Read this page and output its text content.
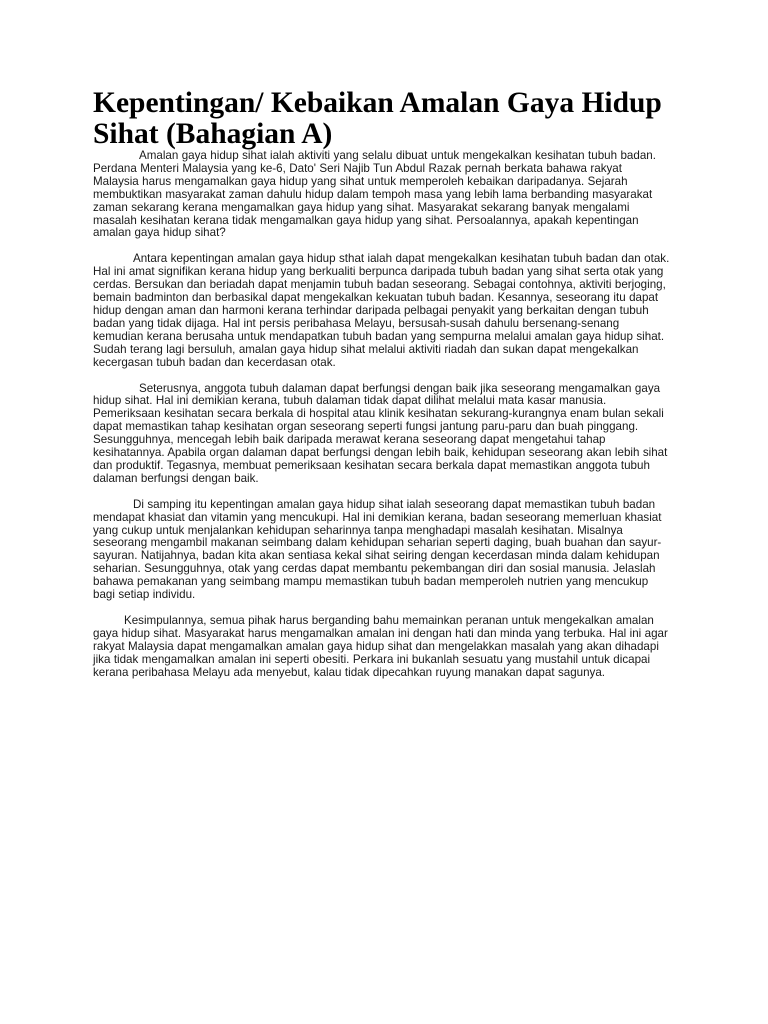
Kepentingan/ Kebaikan Amalan Gaya Hidup Sihat (Bahagian A)

Amalan gaya hidup sihat ialah aktiviti yang selalu dibuat untuk mengekalkan kesihatan tubuh badan. Perdana Menteri Malaysia yang ke-6, Dato' Seri Najib Tun Abdul Razak pernah berkata bahawa rakyat Malaysia harus mengamalkan gaya hidup yang sihat untuk memperoleh kebaikan daripadanya. Sejarah membuktikan masyarakat zaman dahulu hidup dalam tempoh masa yang lebih lama berbanding masyarakat zaman sekarang kerana mengamalkan gaya hidup yang sihat. Masyarakat sekarang banyak mengalami masalah kesihatan kerana tidak mengamalkan gaya hidup yang sihat. Persoalannya, apakah kepentingan amalan gaya hidup sihat?

Antara kepentingan amalan gaya hidup sthat ialah dapat mengekalkan kesihatan tubuh badan dan otak. Hal ini amat signifikan kerana hidup yang berkualiti berpunca daripada tubuh badan yang sihat serta otak yang cerdas. Bersukan dan beriadah dapat menjamin tubuh badan seseorang. Sebagai contohnya, aktiviti berjoging, bemain badminton dan berbasikal dapat mengekalkan kekuatan tubuh badan. Kesannya, seseorang itu dapat hidup dengan aman dan harmoni kerana terhindar daripada pelbagai penyakit yang berkaitan dengan tubuh badan yang tidak dijaga. Hal int persis peribahasa Melayu, bersusah-susah dahulu bersenang-senang kemudian kerana berusaha untuk mendapatkan tubuh badan yang sempurna melalui amalan gaya hidup sihat. Sudah terang lagi bersuluh, amalan gaya hidup sihat melalui aktiviti riadah dan sukan dapat mengekalkan kecergasan tubuh badan dan kecerdasan otak.

Seterusnya, anggota tubuh dalaman dapat berfungsi dengan baik jika seseorang mengamalkan gaya hidup sihat. Hal ini demikian kerana, tubuh dalaman tidak dapat dilihat melalui mata kasar manusia. Pemeriksaan kesihatan secara berkala di hospital atau klinik kesihatan sekurang-kurangnya enam bulan sekali dapat memastikan tahap kesihatan organ seseorang seperti fungsi jantung paru-paru dan buah pinggang. Sesungguhnya, mencegah lebih baik daripada merawat kerana seseorang dapat mengetahui tahap kesihatannya. Apabila organ dalaman dapat berfungsi dengan lebih baik, kehidupan seseorang akan lebih sihat dan produktif. Tegasnya, membuat pemeriksaan kesihatan secara berkala dapat memastikan anggota tubuh dalaman berfungsi dengan baik.

Di samping itu kepentingan amalan gaya hidup sihat ialah seseorang dapat memastikan tubuh badan mendapat khasiat dan vitamin yang mencukupi. Hal ini demikian kerana, badan seseorang memerluan khasiat yang cukup untuk menjalankan kehidupan seharinnya tanpa menghadapi masalah kesihatan. Misalnya seseorang mengambil makanan seimbang dalam kehidupan seharian seperti daging, buah buahan dan sayur-sayuran. Natijahnya, badan kita akan sentiasa kekal sihat seiring dengan kecerdasan minda dalam kehidupan seharian. Sesungguhnya, otak yang cerdas dapat membantu pekembangan diri dan sosial manusia. Jelaslah bahawa pemakanan yang seimbang mampu memastikan tubuh badan memperoleh nutrien yang mencukup bagi setiap individu.

Kesimpulannya, semua pihak harus berganding bahu memainkan peranan untuk mengekalkan amalan gaya hidup sihat. Masyarakat harus mengamalkan amalan ini dengan hati dan minda yang terbuka. Hal ini agar rakyat Malaysia dapat mengamalkan amalan gaya hidup sihat dan mengelakkan masalah yang akan dihadapi jika tidak mengamalkan amalan ini seperti obesiti. Perkara ini bukanlah sesuatu yang mustahil untuk dicapai kerana peribahasa Melayu ada menyebut, kalau tidak dipecahkan ruyung manakan dapat sagunya.
